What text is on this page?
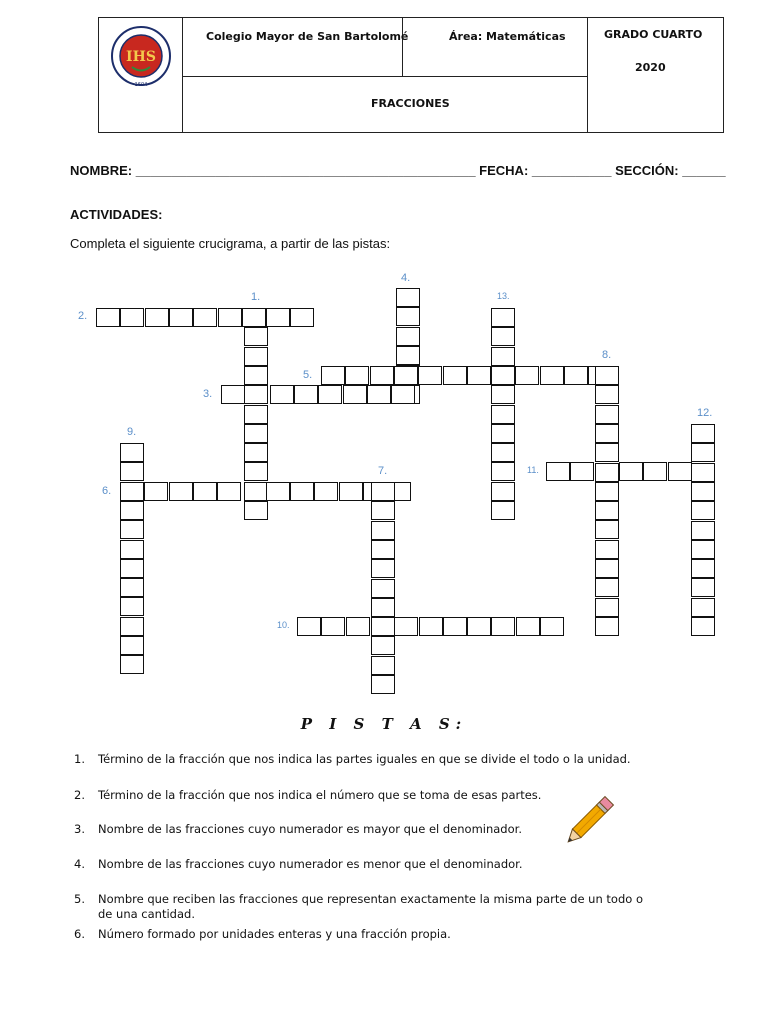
IHS
1604
Colegio Mayor de San Bartolomé	Área: Matemáticas	GRADO CUARTO
2020
FRACCIONES
NOMBRE: _______________________________________________ FECHA: ___________ SECCIÓN: ______
ACTIVIDADES:
Completa el siguiente crucigrama, a partir de las pistas:
1.
2.
3.
4.
5.
6.
7.
8.
9.
10.
11.
12.
13.
P I S T A S:
1. Término de la fracción que nos indica las partes iguales en que se divide el todo o la unidad.
2. Término de la fracción que nos indica el número que se toma de esas partes.
3. Nombre de las fracciones cuyo numerador es mayor que el denominador.
4. Nombre de las fracciones cuyo numerador es menor que el denominador.
5. Nombre que reciben las fracciones que representan exactamente la misma parte de un todo o de una cantidad.
6. Número formado por unidades enteras y una fracción propia.
